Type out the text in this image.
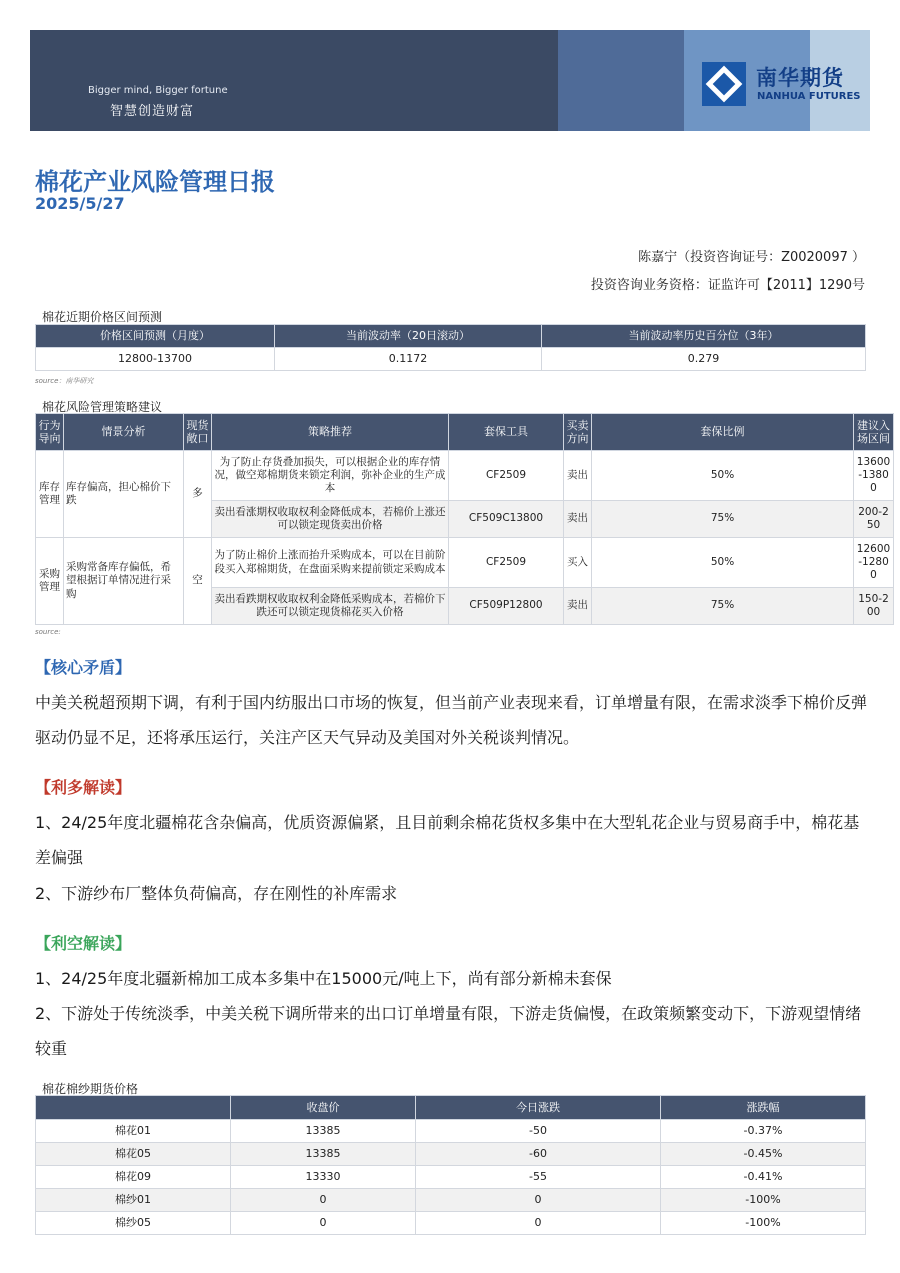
Bigger mind, Bigger fortune
智慧创造财富
南华期货
NANHUA FUTURES
棉花产业风险管理日报
2025/5/27
陈嘉宁（投资咨询证号：Z0020097 ）
投资咨询业务资格：证监许可【2011】1290号
棉花近期价格区间预测
价格区间预测（月度）	当前波动率（20日滚动）	当前波动率历史百分位（3年）
12800-13700	0.1172	0.279
source：南华研究
棉花风险管理策略建议
行为导向	情景分析	现货敞口	策略推荐	套保工具	买卖方向	套保比例	建议入场区间
库存管理	库存偏高，担心棉价下跌	多	为了防止存货叠加损失，可以根据企业的库存情况，做空郑棉期货来锁定利润，弥补企业的生产成本	CF2509	卖出	50%	13600-13800
			卖出看涨期权收取权利金降低成本，若棉价上涨还可以锁定现货卖出价格	CF509C13800	卖出	75%	200-250
采购管理	采购常备库存偏低，希望根据订单情况进行采购	空	为了防止棉价上涨而抬升采购成本，可以在目前阶段买入郑棉期货，在盘面采购来提前锁定采购成本	CF2509	买入	50%	12600-12800
			卖出看跌期权收取权利金降低采购成本，若棉价下跌还可以锁定现货棉花买入价格	CF509P12800	卖出	75%	150-200
source:
【核心矛盾】
中美关税超预期下调，有利于国内纺服出口市场的恢复，但当前产业表现来看，订单增量有限，在需求淡季下棉价反弹驱动仍显不足，还将承压运行，关注产区天气异动及美国对外关税谈判情况。
【利多解读】
1、24/25年度北疆棉花含杂偏高，优质资源偏紧，且目前剩余棉花货权多集中在大型轧花企业与贸易商手中，棉花基差偏强
2、下游纱布厂整体负荷偏高，存在刚性的补库需求
【利空解读】
1、24/25年度北疆新棉加工成本多集中在15000元/吨上下，尚有部分新棉未套保
2、下游处于传统淡季，中美关税下调所带来的出口订单增量有限，下游走货偏慢，在政策频繁变动下，下游观望情绪较重
棉花棉纱期货价格
	收盘价	今日涨跌	涨跌幅
棉花01	13385	-50	-0.37%
棉花05	13385	-60	-0.45%
棉花09	13330	-55	-0.41%
棉纱01	0	0	-100%
棉纱05	0	0	-100%
